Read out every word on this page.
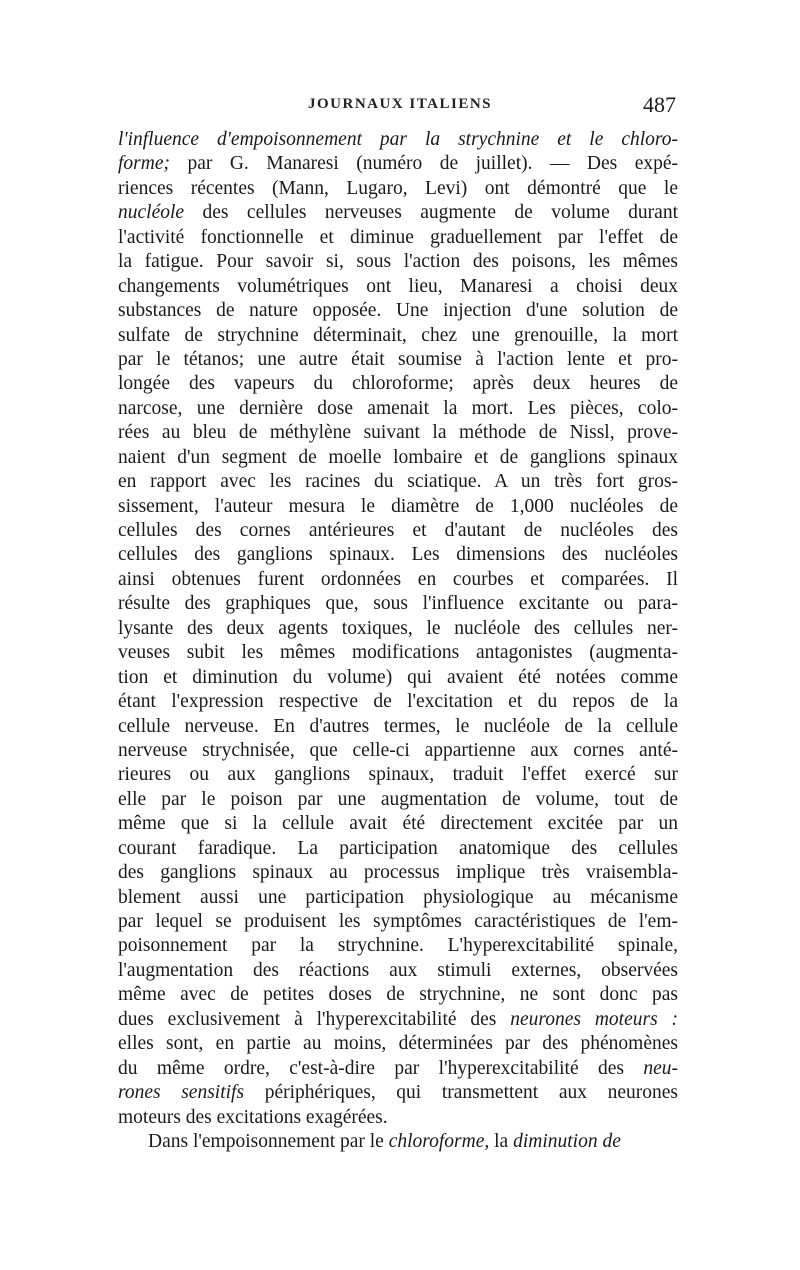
JOURNAUX ITALIENS	487
l'influence d'empoisonnement par la strychnine et le chloro-
forme; par G. Manaresi (numéro de juillet). — Des expé-
riences récentes (Mann, Lugaro, Levi) ont démontré que le
nucléole des cellules nerveuses augmente de volume durant
l'activité fonctionnelle et diminue graduellement par l'effet de
la fatigue. Pour savoir si, sous l'action des poisons, les mêmes
changements volumétriques ont lieu, Manaresi a choisi deux
substances de nature opposée. Une injection d'une solution de
sulfate de strychnine déterminait, chez une grenouille, la mort
par le tétanos; une autre était soumise à l'action lente et pro-
longée des vapeurs du chloroforme; après deux heures de
narcose, une dernière dose amenait la mort. Les pièces, colo-
rées au bleu de méthylène suivant la méthode de Nissl, prove-
naient d'un segment de moelle lombaire et de ganglions spinaux
en rapport avec les racines du sciatique. A un très fort gros-
sissement, l'auteur mesura le diamètre de 1,000 nucléoles de
cellules des cornes antérieures et d'autant de nucléoles des
cellules des ganglions spinaux. Les dimensions des nucléoles
ainsi obtenues furent ordonnées en courbes et comparées. Il
résulte des graphiques que, sous l'influence excitante ou para-
lysante des deux agents toxiques, le nucléole des cellules ner-
veuses subit les mêmes modifications antagonistes (augmenta-
tion et diminution du volume) qui avaient été notées comme
étant l'expression respective de l'excitation et du repos de la
cellule nerveuse. En d'autres termes, le nucléole de la cellule
nerveuse strychnisée, que celle-ci appartienne aux cornes anté-
rieures ou aux ganglions spinaux, traduit l'effet exercé sur
elle par le poison par une augmentation de volume, tout de
même que si la cellule avait été directement excitée par un
courant faradique. La participation anatomique des cellules
des ganglions spinaux au processus implique très vraisembla-
blement aussi une participation physiologique au mécanisme
par lequel se produisent les symptômes caractéristiques de l'em-
poisonnement par la strychnine. L'hyperexcitabilité spinale,
l'augmentation des réactions aux stimuli externes, observées
même avec de petites doses de strychnine, ne sont donc pas
dues exclusivement à l'hyperexcitabilité des neurones moteurs :
elles sont, en partie au moins, déterminées par des phénomènes
du même ordre, c'est-à-dire par l'hyperexcitabilité des neu-
rones sensitifs périphériques, qui transmettent aux neurones
moteurs des excitations exagérées.
Dans l'empoisonnement par le chloroforme, la diminution de
